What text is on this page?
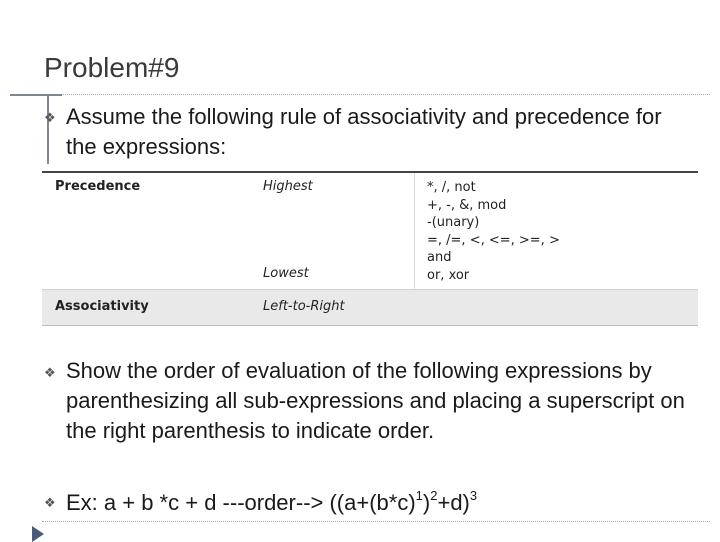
Problem#9
❖ Assume the following rule of associativity and precedence for the expressions:
Precedence	Highest
Lowest
*, /, not
+, -, &, mod
-(unary)
=, /=, <, <=, >=, >
and
or, xor
Associativity	Left-to-Right
❖ Show the order of evaluation of the following expressions by parenthesizing all sub-expressions and placing a superscript on the right parenthesis to indicate order.
❖ Ex: a + b *c + d ---order--> $((a+(b*c)^1)^2+d)^3$
